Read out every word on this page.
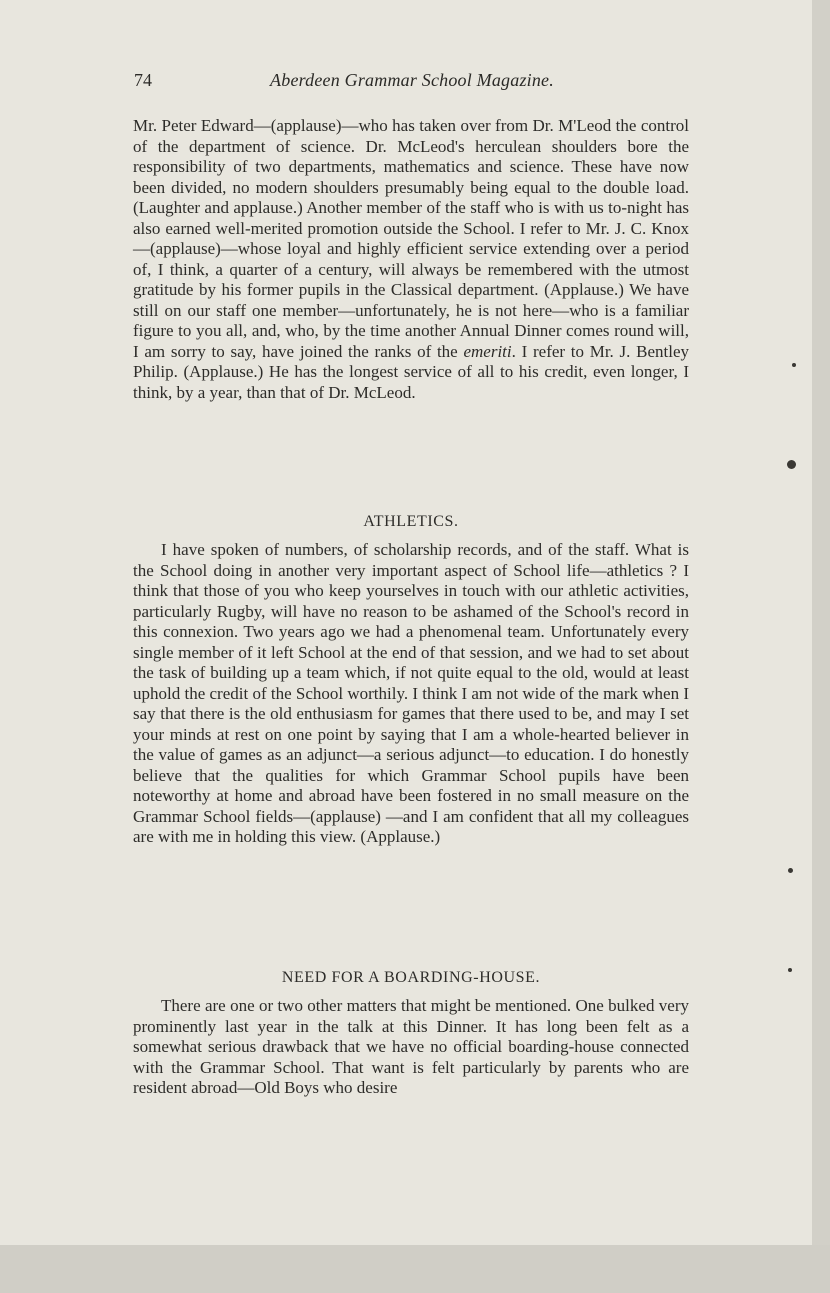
74	Aberdeen Grammar School Magazine.

Mr. Peter Edward—(applause)—who has taken over from Dr. M'Leod the control of the department of science. Dr. McLeod's herculean shoulders bore the responsibility of two departments, mathematics and science. These have now been divided, no modern shoulders presumably being equal to the double load. (Laughter and applause.) Another member of the staff who is with us to-night has also earned well-merited promotion outside the School. I refer to Mr. J. C. Knox—(applause)—whose loyal and highly efficient service extending over a period of, I think, a quarter of a century, will always be remembered with the utmost gratitude by his former pupils in the Classical department. (Applause.) We have still on our staff one member—unfortunately, he is not here—who is a familiar figure to you all, and, who, by the time another Annual Dinner comes round will, I am sorry to say, have joined the ranks of the emeriti. I refer to Mr. J. Bentley Philip. (Applause.) He has the longest service of all to his credit, even longer, I think, by a year, than that of Dr. McLeod.

ATHLETICS.

I have spoken of numbers, of scholarship records, and of the staff. What is the School doing in another very important aspect of School life—athletics ? I think that those of you who keep yourselves in touch with our athletic activities, particularly Rugby, will have no reason to be ashamed of the School's record in this connexion. Two years ago we had a phenomenal team. Unfortunately every single member of it left School at the end of that session, and we had to set about the task of building up a team which, if not quite equal to the old, would at least uphold the credit of the School worthily. I think I am not wide of the mark when I say that there is the old enthusiasm for games that there used to be, and may I set your minds at rest on one point by saying that I am a whole-hearted believer in the value of games as an adjunct—a serious adjunct—to education. I do honestly believe that the qualities for which Grammar School pupils have been noteworthy at home and abroad have been fostered in no small measure on the Grammar School fields—(applause) —and I am confident that all my colleagues are with me in holding this view. (Applause.)

NEED FOR A BOARDING-HOUSE.

There are one or two other matters that might be mentioned. One bulked very prominently last year in the talk at this Dinner. It has long been felt as a somewhat serious drawback that we have no official boarding-house connected with the Grammar School. That want is felt particularly by parents who are resident abroad—Old Boys who desire
